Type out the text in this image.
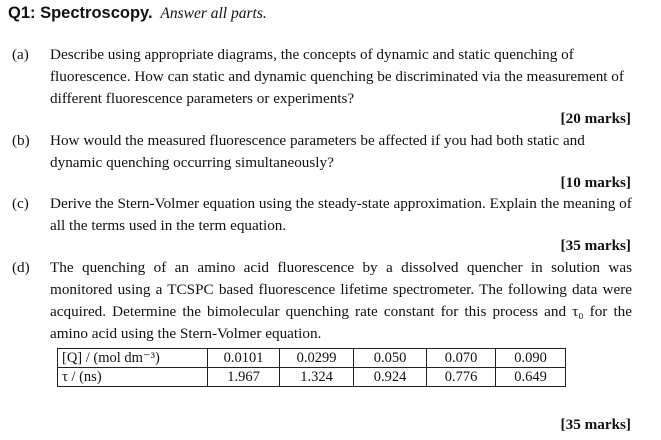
Q1: Spectroscopy. Answer all parts.
(a) Describe using appropriate diagrams, the concepts of dynamic and static quenching of fluorescence. How can static and dynamic quenching be discriminated via the measurement of different fluorescence parameters or experiments?
[20 marks]
(b) How would the measured fluorescence parameters be affected if you had both static and dynamic quenching occurring simultaneously?
[10 marks]
(c) Derive the Stern-Volmer equation using the steady-state approximation. Explain the meaning of all the terms used in the term equation.
[35 marks]
(d) The quenching of an amino acid fluorescence by a dissolved quencher in solution was monitored using a TCSPC based fluorescence lifetime spectrometer. The following data were acquired. Determine the bimolecular quenching rate constant for this process and τ₀ for the amino acid using the Stern-Volmer equation.
[Q] / (mol dm⁻³)	0.0101	0.0299	0.050	0.070	0.090
τ / (ns)	1.967	1.324	0.924	0.776	0.649
[35 marks]
